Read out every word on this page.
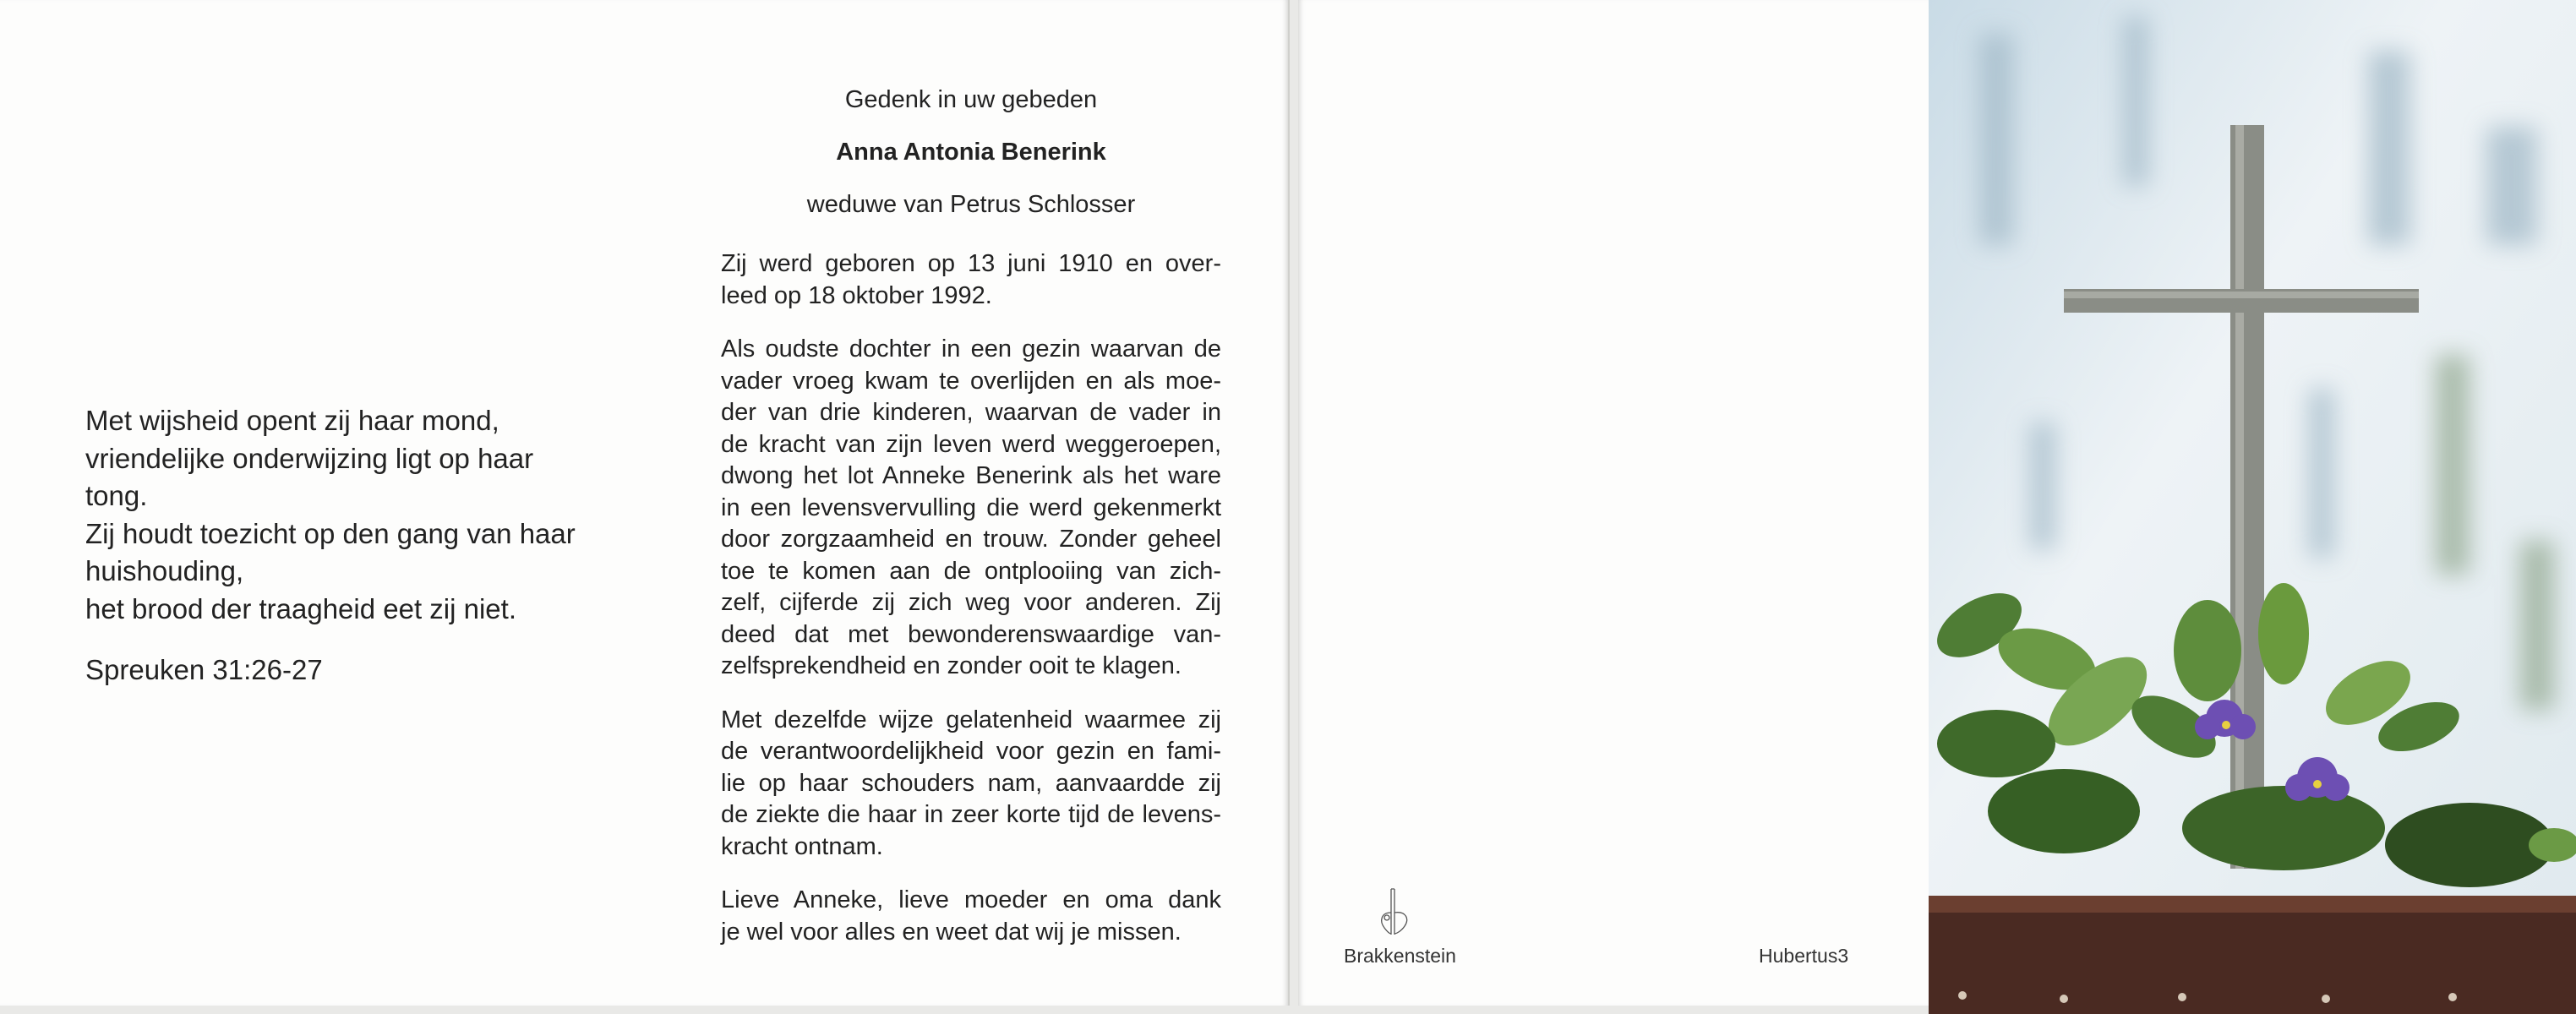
Met wijsheid opent zij haar mond,
vriendelijke onderwijzing ligt op haar
tong.
Zij houdt toezicht op den gang van haar
huishouding,
het brood der traagheid eet zij niet.
Spreuken 31:26-27
Gedenk in uw gebeden
Anna Antonia Benerink
weduwe van Petrus Schlosser
Zij werd geboren op 13 juni 1910 en over-
leed op 18 oktober 1992.
Als oudste dochter in een gezin waarvan de
vader vroeg kwam te overlijden en als moe-
der van drie kinderen, waarvan de vader in
de kracht van zijn leven werd weggeroepen,
dwong het lot Anneke Benerink als het ware
in een levensvervulling die werd gekenmerkt
door zorgzaamheid en trouw. Zonder geheel
toe te komen aan de ontplooiing van zich-
zelf, cijferde zij zich weg voor anderen. Zij
deed dat met bewonderenswaardige van-
zelfsprekendheid en zonder ooit te klagen.
Met dezelfde wijze gelatenheid waarmee zij
de verantwoordelijkheid voor gezin en fami-
lie op haar schouders nam, aanvaardde zij
de ziekte die haar in zeer korte tijd de levens-
kracht ontnam.
Lieve Anneke, lieve moeder en oma dank
je wel voor alles en weet dat wij je missen.
Brakkenstein	Hubertus3
